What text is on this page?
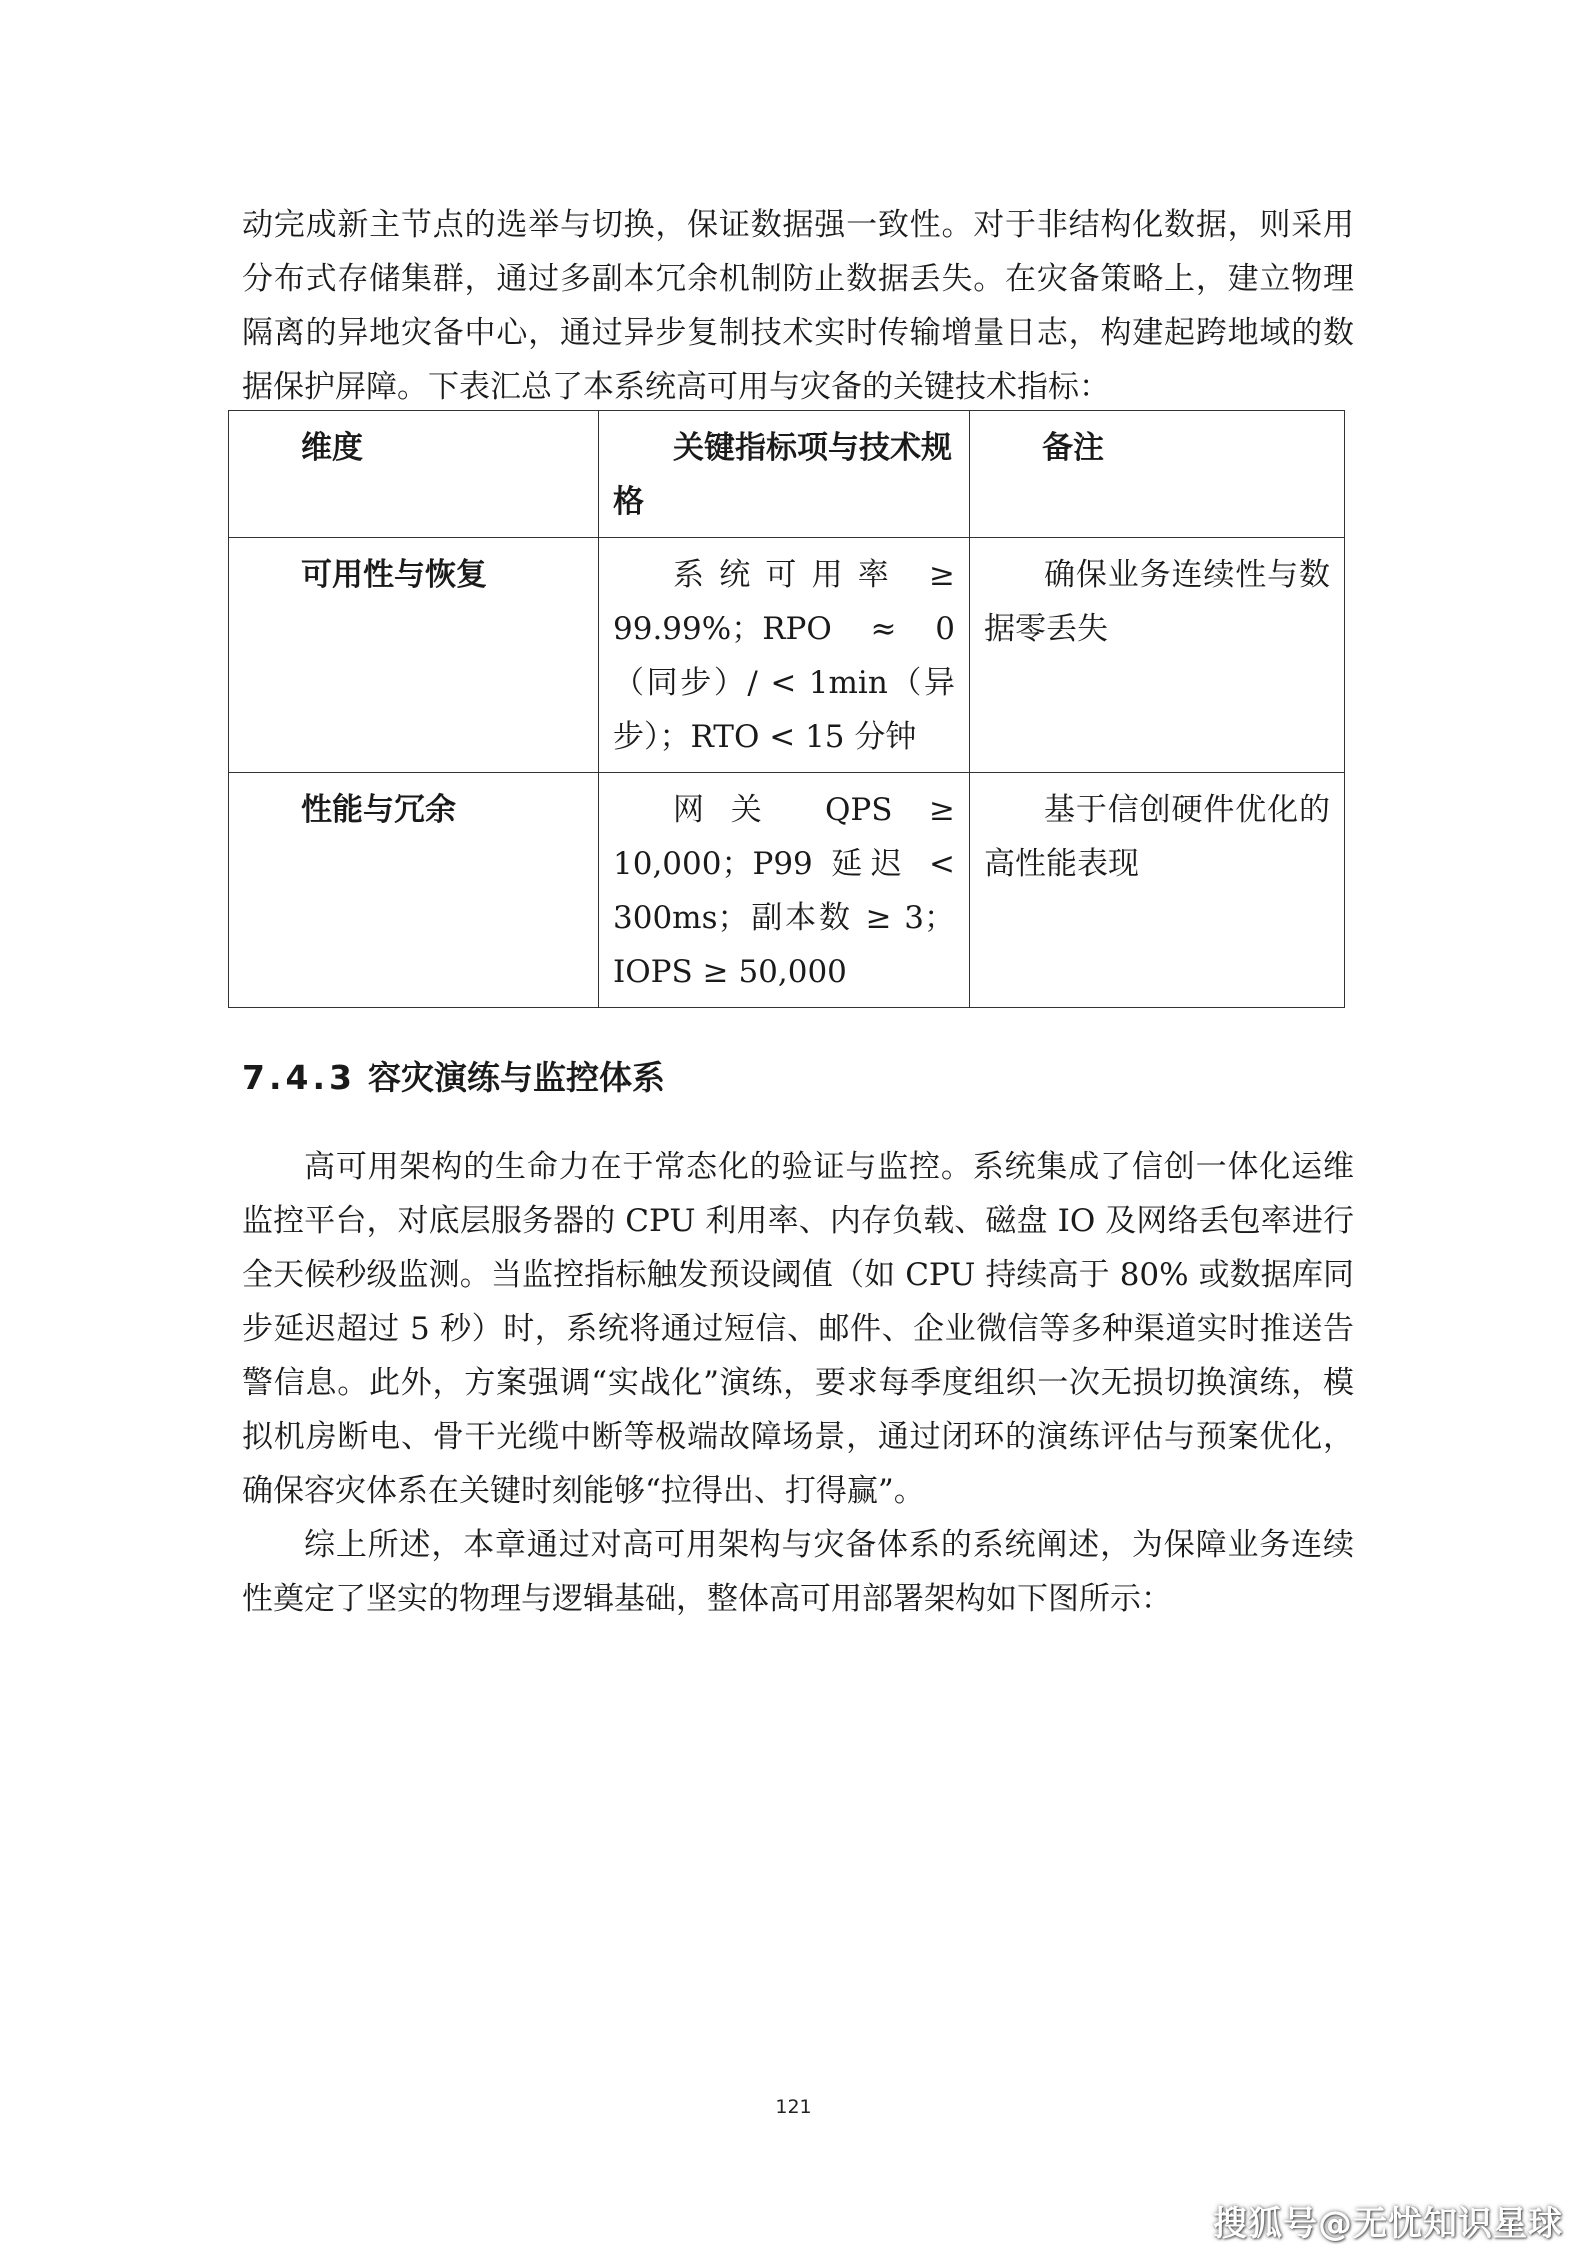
动完成新主节点的选举与切换，保证数据强一致性。对于非结构化数据，则采用分布式存储集群，通过多副本冗余机制防止数据丢失。在灾备策略上，建立物理隔离的异地灾备中心，通过异步复制技术实时传输增量日志，构建起跨地域的数据保护屏障。下表汇总了本系统高可用与灾备的关键技术指标：

维度	关键指标项与技术规格	备注
可用性与恢复	系统可用率 ≥ 99.99%；RPO ≈ 0（同步）/ < 1min（异步）；RTO < 15 分钟	确保业务连续性与数据零丢失
性能与冗余	网关 QPS ≥ 10,000；P99 延迟 < 300ms；副本数 ≥ 3；IOPS ≥ 50,000	基于信创硬件优化的高性能表现
7.4.3 容灾演练与监控体系

高可用架构的生命力在于常态化的验证与监控。系统集成了信创一体化运维监控平台，对底层服务器的 CPU 利用率、内存负载、磁盘 IO 及网络丢包率进行全天候秒级监测。当监控指标触发预设阈值（如 CPU 持续高于 80% 或数据库同步延迟超过 5 秒）时，系统将通过短信、邮件、企业微信等多种渠道实时推送告警信息。此外，方案强调“实战化”演练，要求每季度组织一次无损切换演练，模拟机房断电、骨干光缆中断等极端故障场景，通过闭环的演练评估与预案优化，确保容灾体系在关键时刻能够“拉得出、打得赢”。

综上所述，本章通过对高可用架构与灾备体系的系统阐述，为保障业务连续性奠定了坚实的物理与逻辑基础，整体高可用部署架构如下图所示：

121
搜狐号@无忧知识星球
